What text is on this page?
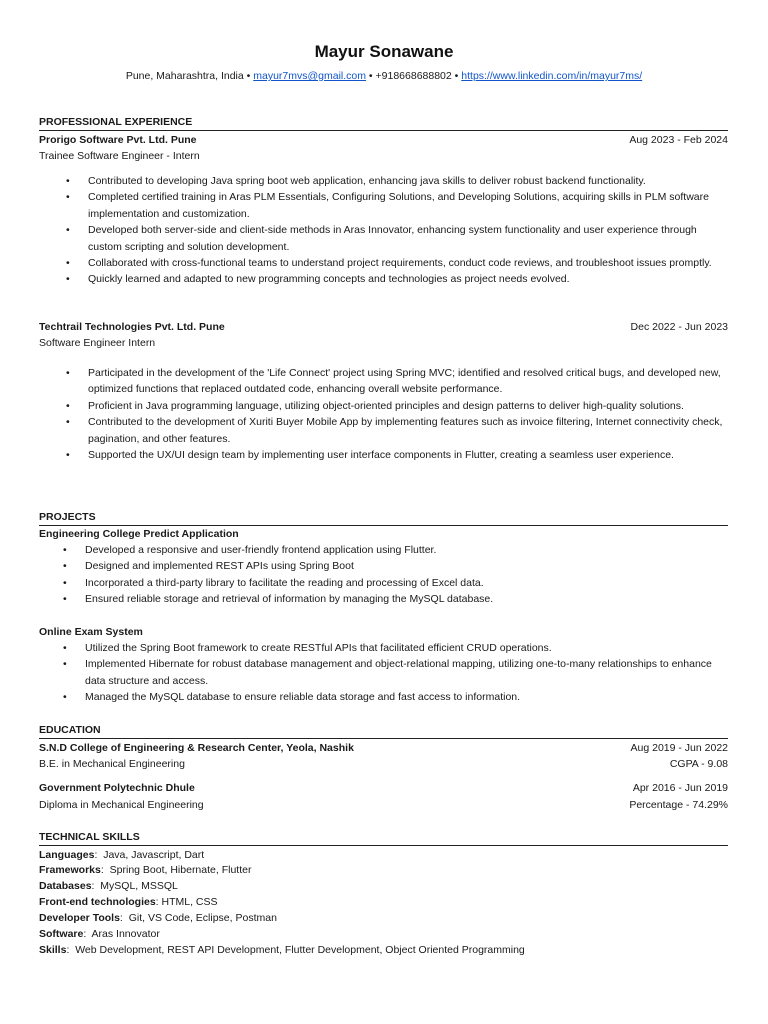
Mayur Sonawane
Pune, Maharashtra, India • mayur7mvs@gmail.com • +918668688802 • https://www.linkedin.com/in/mayur7ms/
PROFESSIONAL EXPERIENCE
Prorigo Software Pvt. Ltd. Pune	Aug 2023 - Feb 2024
Trainee Software Engineer - Intern
• Contributed to developing Java spring boot web application, enhancing java skills to deliver robust backend functionality.
• Completed certified training in Aras PLM Essentials, Configuring Solutions, and Developing Solutions, acquiring skills in PLM software implementation and customization.
• Developed both server-side and client-side methods in Aras Innovator, enhancing system functionality and user experience through custom scripting and solution development.
• Collaborated with cross-functional teams to understand project requirements, conduct code reviews, and troubleshoot issues promptly.
• Quickly learned and adapted to new programming concepts and technologies as project needs evolved.
Techtrail Technologies Pvt. Ltd. Pune	Dec 2022 - Jun 2023
Software Engineer Intern
• Participated in the development of the 'Life Connect' project using Spring MVC; identified and resolved critical bugs, and developed new, optimized functions that replaced outdated code, enhancing overall website performance.
• Proficient in Java programming language, utilizing object-oriented principles and design patterns to deliver high-quality solutions.
• Contributed to the development of Xuriti Buyer Mobile App by implementing features such as invoice filtering, Internet connectivity check, pagination, and other features.
• Supported the UX/UI design team by implementing user interface components in Flutter, creating a seamless user experience.
PROJECTS
Engineering College Predict Application
• Developed a responsive and user-friendly frontend application using Flutter.
• Designed and implemented REST APIs using Spring Boot
• Incorporated a third-party library to facilitate the reading and processing of Excel data.
• Ensured reliable storage and retrieval of information by managing the MySQL database.
Online Exam System
• Utilized the Spring Boot framework to create RESTful APIs that facilitated efficient CRUD operations.
• Implemented Hibernate for robust database management and object-relational mapping, utilizing one-to-many relationships to enhance data structure and access.
• Managed the MySQL database to ensure reliable data storage and fast access to information.
EDUCATION
S.N.D College of Engineering & Research Center, Yeola, Nashik	Aug 2019 - Jun 2022
B.E. in Mechanical Engineering	CGPA - 9.08
Government Polytechnic Dhule	Apr 2016 - Jun 2019
Diploma in Mechanical Engineering	Percentage - 74.29%
TECHNICAL SKILLS
Languages:  Java, Javascript, Dart
Frameworks:  Spring Boot, Hibernate, Flutter
Databases:  MySQL, MSSQL
Front-end technologies: HTML, CSS
Developer Tools:  Git, VS Code, Eclipse, Postman
Software:  Aras Innovator
Skills:  Web Development, REST API Development, Flutter Development, Object Oriented Programming
